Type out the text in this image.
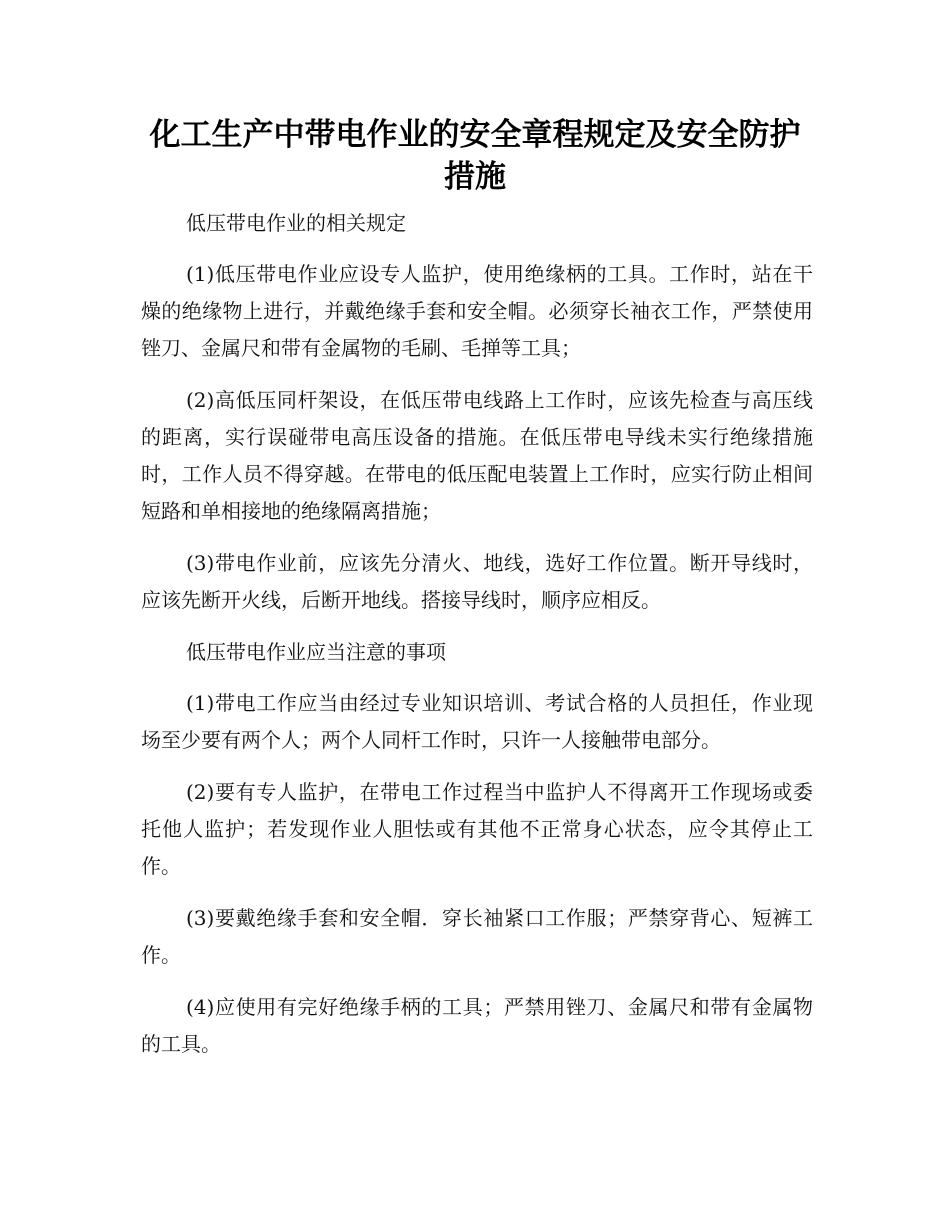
化工生产中带电作业的安全章程规定及安全防护
措施

低压带电作业的相关规定

(1)低压带电作业应设专人监护，使用绝缘柄的工具。工作时，站在干燥的绝缘物上进行，并戴绝缘手套和安全帽。必须穿长袖衣工作，严禁使用锉刀、金属尺和带有金属物的毛刷、毛掸等工具；

(2)高低压同杆架设，在低压带电线路上工作时，应该先检查与高压线的距离，实行误碰带电高压设备的措施。在低压带电导线未实行绝缘措施时，工作人员不得穿越。在带电的低压配电装置上工作时，应实行防止相间短路和单相接地的绝缘隔离措施；

(3)带电作业前，应该先分清火、地线，选好工作位置。断开导线时，应该先断开火线，后断开地线。搭接导线时，顺序应相反。

低压带电作业应当注意的事项

(1)带电工作应当由经过专业知识培训、考试合格的人员担任，作业现场至少要有两个人；两个人同杆工作时，只许一人接触带电部分。

(2)要有专人监护，在带电工作过程当中监护人不得离开工作现场或委托他人监护；若发现作业人胆怯或有其他不正常身心状态，应令其停止工作。

(3)要戴绝缘手套和安全帽．穿长袖紧口工作服；严禁穿背心、短裤工作。

(4)应使用有完好绝缘手柄的工具；严禁用锉刀、金属尺和带有金属物的工具。
